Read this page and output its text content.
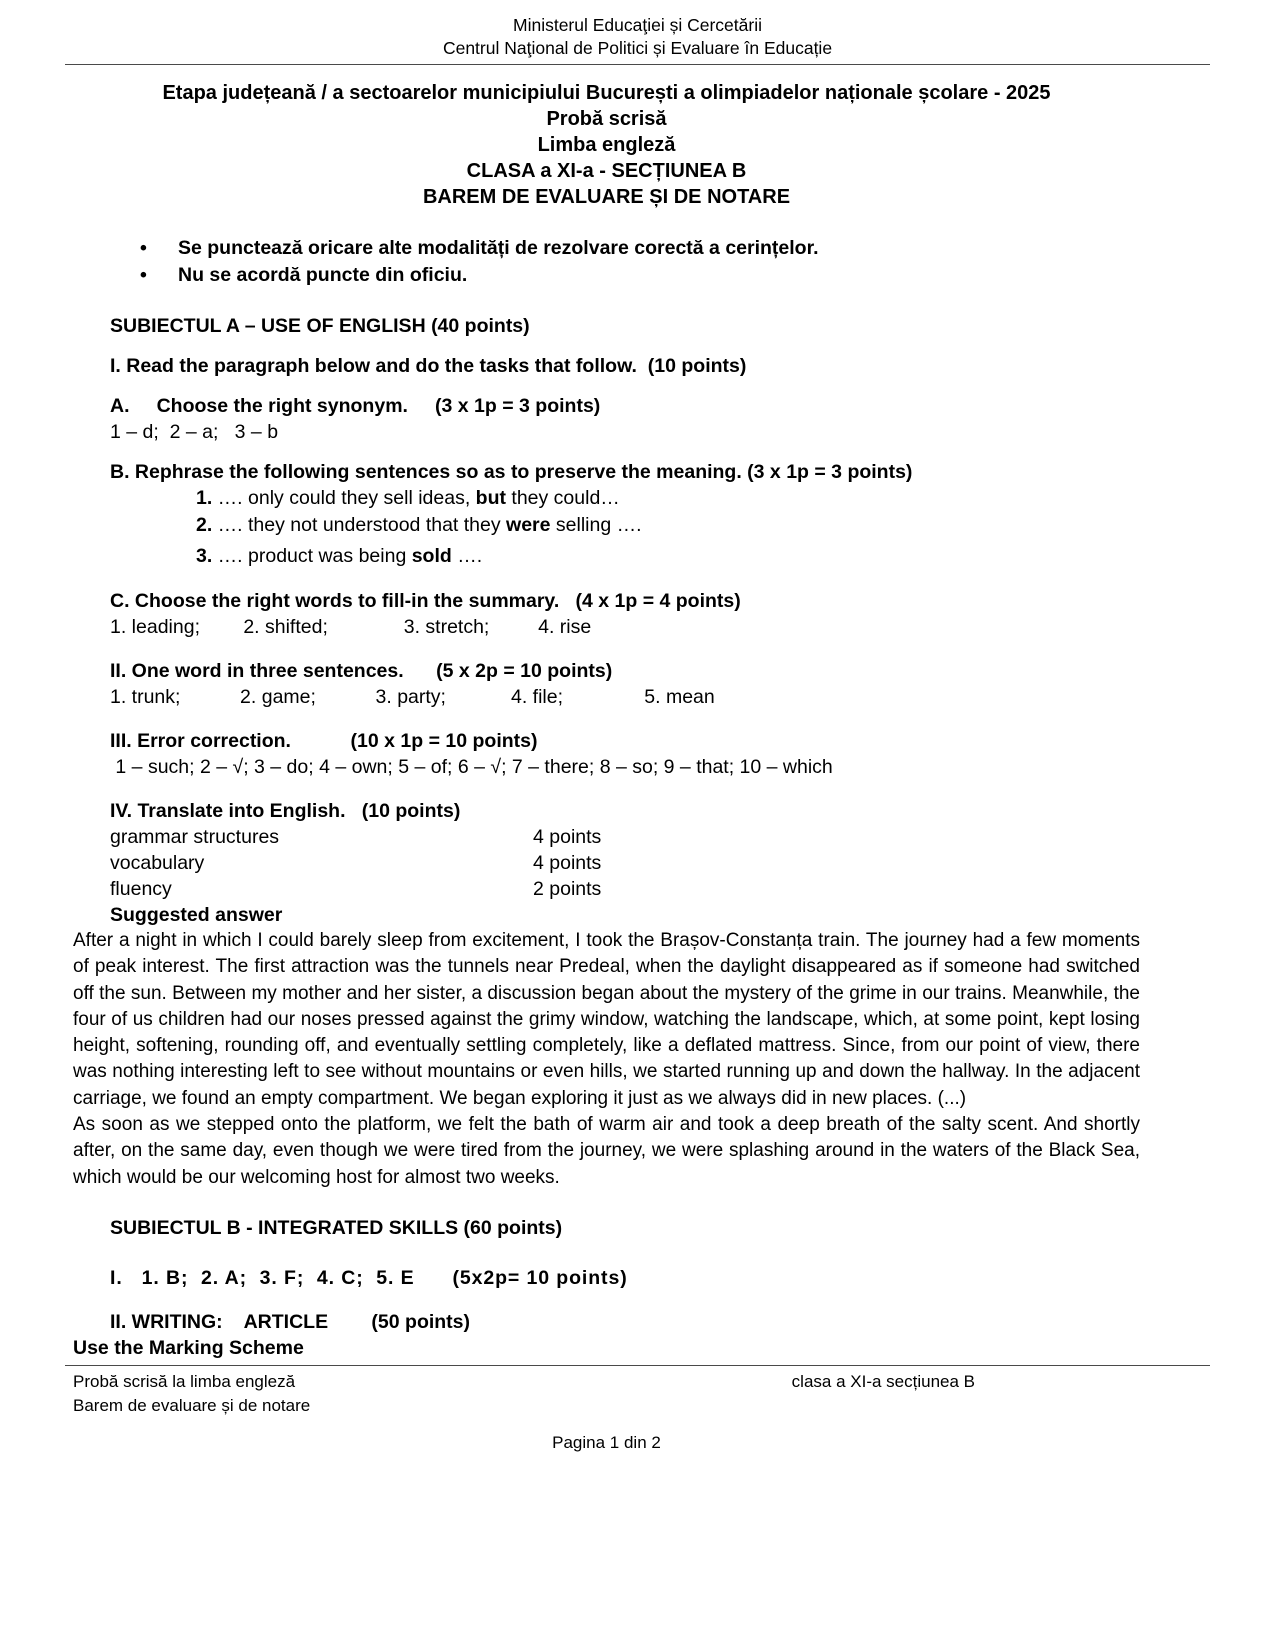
Ministerul Educaţiei și Cercetării
Centrul Naţional de Politici și Evaluare în Educație
Etapa județeană / a sectoarelor municipiului București a olimpiadelor naționale școlare - 2025
Probă scrisă
Limba engleză
CLASA a XI-a - SECȚIUNEA B
BAREM DE EVALUARE ȘI DE NOTARE
•	Se punctează oricare alte modalități de rezolvare corectă a cerințelor.
•	Nu se acordă puncte din oficiu.
SUBIECTUL A – USE OF ENGLISH (40 points)
I. Read the paragraph below and do the tasks that follow.  (10 points)
A.     Choose the right synonym.     (3 x 1p = 3 points)
1 – d;  2 – a;   3 – b
B. Rephrase the following sentences so as to preserve the meaning. (3 x 1p = 3 points)
1. …. only could they sell ideas, but they could…
2. …. they not understood that they were selling ….
3. …. product was being sold ….
C. Choose the right words to fill-in the summary.   (4 x 1p = 4 points)
1. leading;        2. shifted;              3. stretch;         4. rise
II. One word in three sentences.      (5 x 2p = 10 points)
1. trunk;           2. game;           3. party;            4. file;               5. mean
III. Error correction.           (10 x 1p = 10 points)
1 – such; 2 – √; 3 – do; 4 – own; 5 – of; 6 – √; 7 – there; 8 – so; 9 – that; 10 – which
IV. Translate into English.   (10 points)
grammar structures	4 points
vocabulary	4 points
fluency	2 points
Suggested answer
After a night in which I could barely sleep from excitement, I took the Brașov-Constanța train. The journey had a few moments of peak interest. The first attraction was the tunnels near Predeal, when the daylight disappeared as if someone had switched off the sun. Between my mother and her sister, a discussion began about the mystery of the grime in our trains. Meanwhile, the four of us children had our noses pressed against the grimy window, watching the landscape, which, at some point, kept losing height, softening, rounding off, and eventually settling completely, like a deflated mattress. Since, from our point of view, there was nothing interesting left to see without mountains or even hills, we started running up and down the hallway. In the adjacent carriage, we found an empty compartment. We began exploring it just as we always did in new places. (...)
As soon as we stepped onto the platform, we felt the bath of warm air and took a deep breath of the salty scent. And shortly after, on the same day, even though we were tired from the journey, we were splashing around in the waters of the Black Sea, which would be our welcoming host for almost two weeks.
SUBIECTUL B - INTEGRATED SKILLS (60 points)
I.   1. B;  2. A;  3. F;  4. C;  5. E      (5x2p= 10 points)
II. WRITING:    ARTICLE        (50 points)
Use the Marking Scheme
Probă scrisă la limba engleză	clasa a XI-a secțiunea B
Barem de evaluare și de notare
Pagina 1 din 2
